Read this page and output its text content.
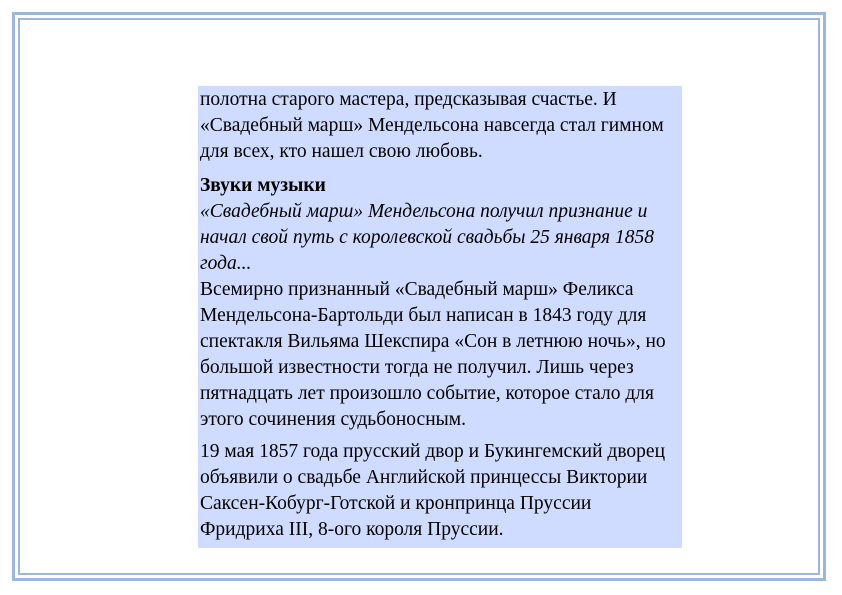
полотна старого мастера, предсказывая счастье. И «Свадебный марш» Мендельсона навсегда стал гимном для всех, кто нашел свою любовь.

Звуки музыки

«Свадебный марш» Мендельсона получил признание и начал свой путь с королевской свадьбы 25 января 1858 года...

Всемирно признанный «Свадебный марш» Феликса Мендельсона-Бартольди был написан в 1843 году для спектакля Вильяма Шекспира «Сон в летнюю ночь», но большой известности тогда не получил. Лишь через пятнадцать лет произошло событие, которое стало для этого сочинения судьбоносным.

19 мая 1857 года прусский двор и Букингемский дворец объявили о свадьбе Английской принцессы Виктории Саксен-Кобург-Готской и кронпринца Пруссии Фридриха III, 8-ого короля Пруссии.
